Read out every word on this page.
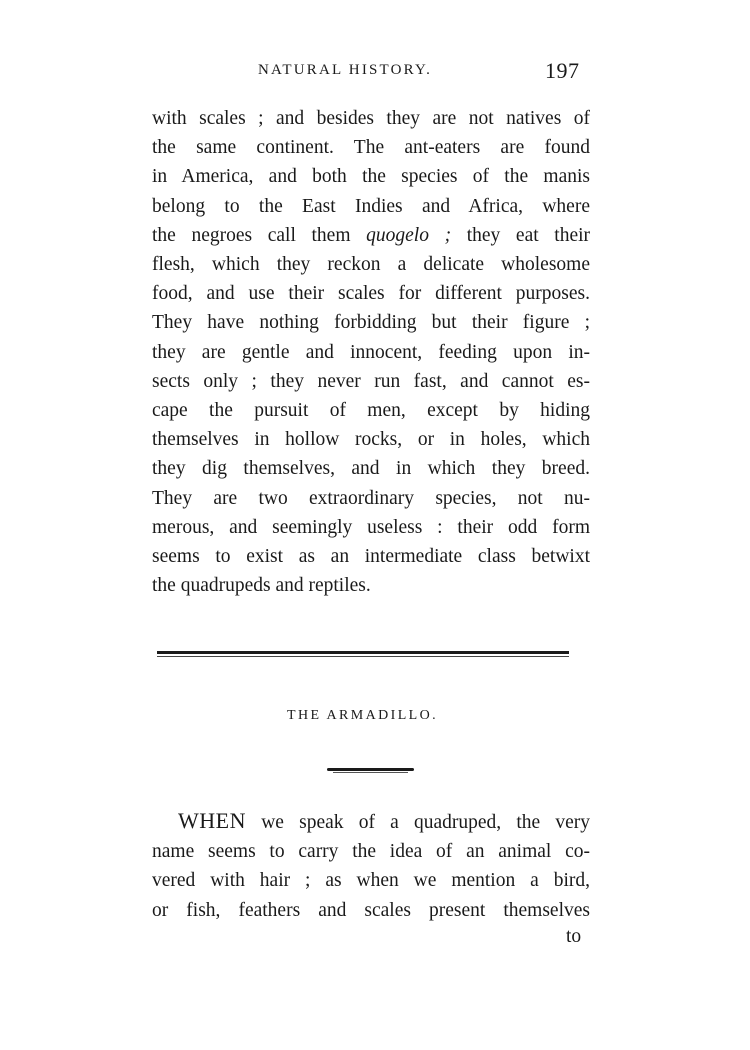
NATURAL HISTORY.	197
with scales ; and besides they are not natives of
the same continent. The ant-eaters are found
in America, and both the species of the manis
belong to the East Indies and Africa, where
the negroes call them quogelo ; they eat their
flesh, which they reckon a delicate wholesome
food, and use their scales for different purposes.
They have nothing forbidding but their figure ;
they are gentle and innocent, feeding upon in-
sects only ; they never run fast, and cannot es-
cape the pursuit of men, except by hiding
themselves in hollow rocks, or in holes, which
they dig themselves, and in which they breed.
They are two extraordinary species, not nu-
merous, and seemingly useless : their odd form
seems to exist as an intermediate class betwixt
the quadrupeds and reptiles.
THE ARMADILLO.
WHEN we speak of a quadruped, the very
name seems to carry the idea of an animal co-
vered with hair ; as when we mention a bird,
or fish, feathers and scales present themselves
to
